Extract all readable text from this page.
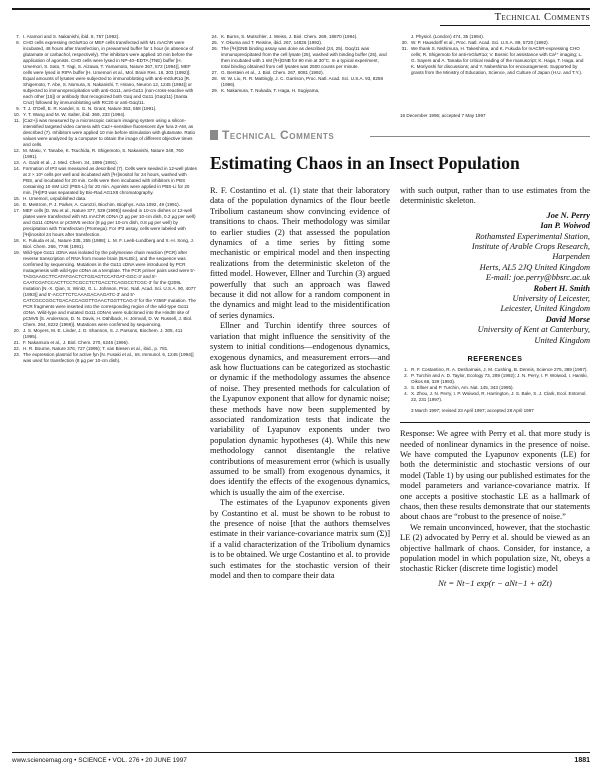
Technical Comments

7. I. Aramori and S. Nakanishi, ibid. 8, 757 (1992).

8. CHO cells expressing mGluR1α or MEF cells transfected with M1 mAChR were incubated, 48 hours after transfection, in prewarmed buffer for 1 hour (in absence of glutamate or carbachol, respectively). The inhibitors were applied 10 min before the application of agonists. CHO cells were lysed in NP-40–EDTA (TNE) buffer [H. Umemori, S. Sato, T. Yagi, S. Aizawa, T. Yamamoto, Nature 367, 572 (1994)]. MEF cells were lysed in RIPA buffer [H. Umemori et al., Mol. Brain Res. 16, 303 (1992)]. Equal amounts of lysates were subjected to immunoblotting with anti-mGluR1α [R. Shigemoto, T. Abe, S. Nomura, S. Nakanishi, T. Hirano, Neuron 12, 1245 (1994)] or subjected to immunoprecipitation with anti-Gα11, anti-Gα11 (non-cross-reactive with each other [15]) or antibody that recognized both Gαq and Gα11 (Gαq/11) (Santa Cruz) followed by immunoblotting with RC20 or anti-Gαq/11.

9. T. J. O’Dell, E. R. Kandel, S. G. N. Grant, Nature 353, 558 (1991).

10. Y. T. Wang and M. W. Salter, ibid. 369, 233 (1994).

11. [Ca2+]i was measured by a microscopic calcium imaging system using a silicon-intensified targeted video camera with Ca2+-sensitive fluorescent dye fura 2-AM, as described (7). Inhibitors were applied 10 min before stimulation with glutamate. Ratio values were analyzed by a computer to obtain the image of different objective times and cells.

12. M. Masu, Y. Tanabe, K. Tsuchida, R. Shigemoto, S. Nakanishi, Nature 349, 760 (1991).

13. A. Gazit et al., J. Med. Chem. 34, 1896 (1991).

14. Formation of IP3 was measured as described (7). Cells were seeded in 12-well plates at 2 × 10⁵ cells per well and incubated with [³H]inositol for 24 hours, washed with PBS, and incubated for 20 min. Cells were then incubated with inhibitors in PBS containing 10 mM LiCl (PBS-Li) for 20 min. Agonists were applied in PBS-Li for 20 min. [³H]IP3 was separated by Bio-Rad AG1X8 chromatography.

15. H. Umemori, unpublished data.

16. E. Mestrom, P. J. Parker, A. Carozzi, Biochim. Biophys. Acta 1092, 49 (1991).

17. MEF cells [D. Wu et al., Nature 377, 539 (1995)] seeded in 10-cm dishes or 12-well plates were transfected with M1 mAChR cDNA (2 µg per 10-cm dish, 0.2 µg per well) and Gα11 cDNAs or pCMV5 vector (8 µg per 10-cm dish, 0.8 µg per well) by precipitation with Transfectam (Promega). For IP3 assay, cells were labeled with [³H]inositol 24 hours after transfection.

18. K. Fukuda et al., Nature 335, 355 (1988); L. M. F. Leeb-Lundberg and X.-H. Song, J. Biol. Chem. 266, 7746 (1991).

19. Wild-type Gα11 cDNA was isolated by the polymerase chain reaction (PCR) after reverse transcription of RNA from mouse brain (BALB/c), and the sequence was confirmed by sequencing. Mutations in the Gα11 cDNA were introduced by PCR mutagenesis with wild-type cDNA as a template. The PCR primer pairs used were 5'-TAGGAAGCTTCATATGACTCTGGAGTCCATGAT-GGC-3' and 5'-CAATCGATCCACTTCCTCGCCTCTGACCTCAGGCCTCGC-3' for the Q209L mutation [N.-X. Qian, S. Winitz, G. L. Johnson, Proc. Natl. Acad. Sci. U.S.A. 90, 4077 (1993)] and 5'-ACCTTCTCAAAGACAAGATC-3' and 5'-CATCGCCGGCTGACACCAGGTTGAACTGGTTCAG-3' for the Y356F mutation. The PCR fragments were inserted into the corresponding region of the wild-type Gα11 cDNA. Wild-type and mutated Gα11 cDNAs were subcloned into the HindIII site of pCMV5 [S. Andersson, D. N. Davis, H. Dählback, H. Jörnvall, D. W. Russell, J. Biol. Chem. 264, 8222 (1989)]. Mutations were confirmed by sequencing.

20. J. S. Moyers, M. E. Linder, J. D. Shannon, S. J. Parsons, Biochem. J. 305, 411 (1995).

21. F. Nakamura et al., J. Biol. Chem. 270, 6246 (1995).

22. H. R. Bourne, Nature 376, 727 (1995); T. van Biesen et al., ibid., p. 781.

23. The expression plasmid for active fyn [N. Fusaki et al., Int. Immunol. 6, 1245 (1994)] was used for transfection (8 µg per 10-cm dish).

24. K. Burns, S. Mutschler, J. Weiss, J. Biol. Chem. 269, 18870 (1994).

25. Y. Okuma and T. Reisine, ibid. 267, 14826 (1992).

26. The [³H]GNB binding assay was done as described (24, 25). Gαq/11 was immunoprecipitated from the cell lysate (25), washed with binding buffer (25), and then incubated with 1 nM [³H]GNB for 90 min at 30°C. In a typical experiment, total binding obtained from cell lysates was 2500 counts per minute.

27. G. Berstein et al., J. Biol. Chem. 267, 8081 (1992).

28. W. W. Liu, R. R. Mattingly, J. C. Garrison, Proc. Natl. Acad. Sci. U.S.A. 93, 8258 (1996).

29. K. Nakamura, T. Nukada, T. Haga, H. Sugiyama,

J. Physiol. (London) 474, 35 (1994).

30. W. P. Hausdorff et al., Proc. Natl. Acad. Sci. U.S.A. 89, 5720 (1992).

31. We thank S. Nishimura, H. Takeshima, and K. Fukuda for mAChR-expressing CHO cells; R. Shigemoto for anti-mGluR1α; V. Bosnic for assistance with Ca²⁺ imaging; L. G. Sayers and A. Tanaka for critical reading of the manuscript; K. Haga, T. Haga, and K. Moriyoshi for discussions; and Y. Nabeshima for encouragement. Supported by grants from the Ministry of Education, Science, and Culture of Japan (H.U. and T.Y.).

16 December 1996; accepted 7 May 1997
Technical Comments
Estimating Chaos in an Insect Population

R. F. Costantino et al. (1) state that their laboratory data of the population dynamics of the flour beetle Tribolium castaneum show convincing evidence of transitions to chaos. Their methodology was similar to earlier studies (2) that assessed the population dynamics of a time series by fitting some mechanistic or empirical model and then inspecting realizations from the deterministic skeleton of the fitted model. However, Ellner and Turchin (3) argued powerfully that such an approach was flawed because it did not allow for a random component in the dynamics and might lead to the misidentification of series dynamics.

Ellner and Turchin identify three sources of variation that might influence the sensitivity of the system to initial conditions—endogenous dynamics, exogenous dynamics, and measurement errors—and ask how fluctuations can be categorized as stochastic or dynamic if the methodology assumes the absence of noise. They presented methods for calculation of the Lyapunov exponent that allow for dynamic noise; these methods have now been supplemented by associated randomization tests that indicate the variability of Lyapunov exponents under two population dynamic hypotheses (4). While this new methodology cannot disentangle the relative contributions of measurement error (which is usually assumed to be small) from exogenous dynamics, it does identify the effects of the exogenous dynamics, which is usually the aim of the exercise.

The estimates of the Lyapunov exponents given by Costantino et al. must be shown to be robust to the presence of noise [that the authors themselves estimate in their variance-covariance matrix sum (Σ)] if a valid characterization of the Tribolium dynamics is to be obtained. We urge Costantino et al. to provide such estimates for the stochastic version of their model and then to compare their data

with such output, rather than to use estimates from the deterministic skeleton.

Joe N. Perry
Ian P. Woiwod
Rothamsted Experimental Station,
Institute of Arable Crops Research,
Harpenden
Herts, AL5 2JQ United Kingdom
E-mail: joe.perry@bbsrc.ac.uk
Robert H. Smith
University of Leicester,
Leicester, United Kingdom
David Morse
University of Kent at Canterbury,
United Kingdom
REFERENCES

1. R. F. Costantino, R. A. Desharnais, J. M. Cushing, B. Dennis, Science 275, 389 (1997).

2. P. Turchin and A. D. Taylor, Ecology 73, 289 (1992); J. N. Perry, I. P. Woiwod, I. Hanski, Oikos 68, 329 (1993).

3. S. Ellner and P. Turchin, Am. Nat. 145, 343 (1995).

4. X. Zhou, J. N. Perry, I. P. Woiwod, R. Harrington, J. S. Bale, S. J. Clark, Ecol. Entomol. 22, 231 (1997).

3 March 1997; revised 23 April 1997; accepted 28 April 1997

Response: We agree with Perry et al. that more study is needed of nonlinear dynamics in the presence of noise. We have computed the Lyapunov exponents (LE) for both the deterministic and stochastic versions of our model (Table 1) by using our published estimates for the model parameters and variance-covariance matrix. If one accepts a positive stochastic LE as a hallmark of chaos, then these results demonstrate that our statements about chaos are “robust to the presence of noise.”

We remain unconvinced, however, that the stochastic LE (2) advocated by Perry et al. should be viewed as an objective hallmark of chaos. Consider, for instance, a population model in which population size, Nt, obeys a stochastic Ricker (discrete time logistic) model

Nt = Nt−1 exp(r − aNt−1 + σZt)
www.sciencemag.org • SCIENCE • VOL. 276 • 20 JUNE 1997	1881
